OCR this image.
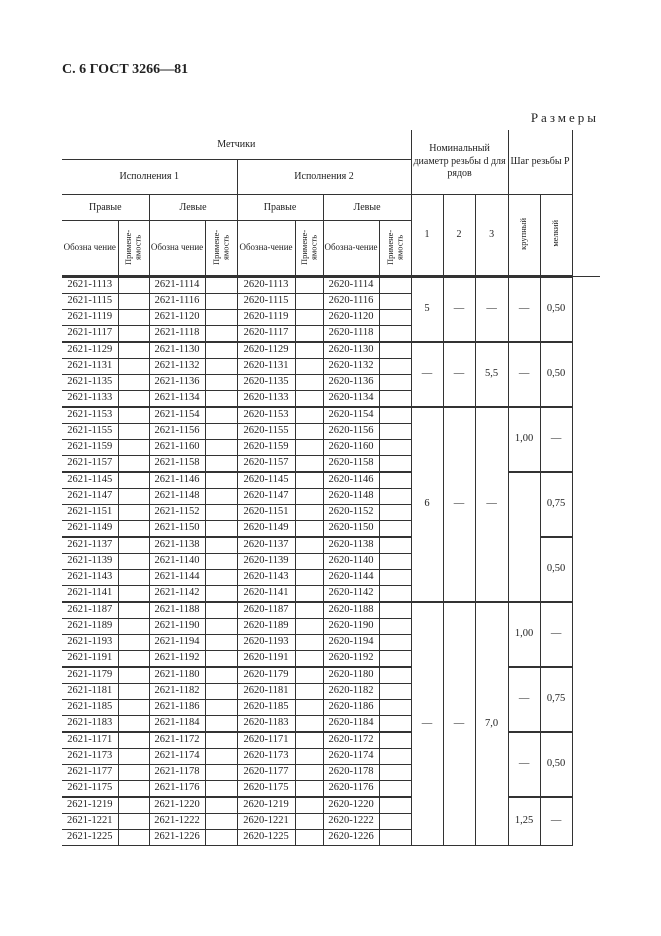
С. 6 ГОСТ 3266—81
Размеры
Метчики								Номинальный диаметр резьбы d для рядов			Шаг резьбы P		
Исполнения 1				Исполнения 2									
Правые		Левые		Правые		Левые		1	2	3	крупный	мелкий	
Обозна чение	Примене-ямость	Обозна чение	Примене-ямость	Обозна-чение	Примене-ямость	Обозна-чение	Примене-ямость						
2621-1113		2621-1114		2620-1113		2620-1114		5	—	—	—	0,50	
2621-1115		2621-1116		2620-1115		2620-1116							
2621-1119		2621-1120		2620-1119		2620-1120							
2621-1117		2621-1118		2620-1117		2620-1118							
2621-1129		2621-1130		2620-1129		2620-1130		—	—	5,5	—	0,50	
2621-1131		2621-1132		2620-1131		2620-1132							
2621-1135		2621-1136		2620-1135		2620-1136							
2621-1133		2621-1134		2620-1133		2620-1134							
2621-1153		2621-1154		2620-1153		2620-1154		6	—	—	1,00	—	
2621-1155		2621-1156		2620-1155		2620-1156							
2621-1159		2621-1160		2620-1159		2620-1160							
2621-1157		2621-1158		2620-1157		2620-1158							
2621-1145		2621-1146		2620-1145		2620-1146						0,75	
2621-1147		2621-1148		2620-1147		2620-1148							
2621-1151		2621-1152		2620-1151		2620-1152							
2621-1149		2621-1150		2620-1149		2620-1150							
2621-1137		2621-1138		2620-1137		2620-1138						0,50	
2621-1139		2621-1140		2620-1139		2620-1140							
2621-1143		2621-1144		2620-1143		2620-1144							
2621-1141		2621-1142		2620-1141		2620-1142							
2621-1187		2621-1188		2620-1187		2620-1188		—	—	7,0	1,00	—	
2621-1189		2621-1190		2620-1189		2620-1190							
2621-1193		2621-1194		2620-1193		2620-1194							
2621-1191		2621-1192		2620-1191		2620-1192							
2621-1179		2621-1180		2620-1179		2620-1180					—	0,75	
2621-1181		2621-1182		2620-1181		2620-1182							
2621-1185		2621-1186		2620-1185		2620-1186							
2621-1183		2621-1184		2620-1183		2620-1184							
2621-1171		2621-1172		2620-1171		2620-1172					—	0,50	
2621-1173		2621-1174		2620-1173		2620-1174							
2621-1177		2621-1178		2620-1177		2620-1178							
2621-1175		2621-1176		2620-1175		2620-1176							
2621-1219		2621-1220		2620-1219		2620-1220					1,25	—	
2621-1221		2621-1222		2620-1221		2620-1222							
2621-1225		2621-1226		2620-1225		2620-1226							
